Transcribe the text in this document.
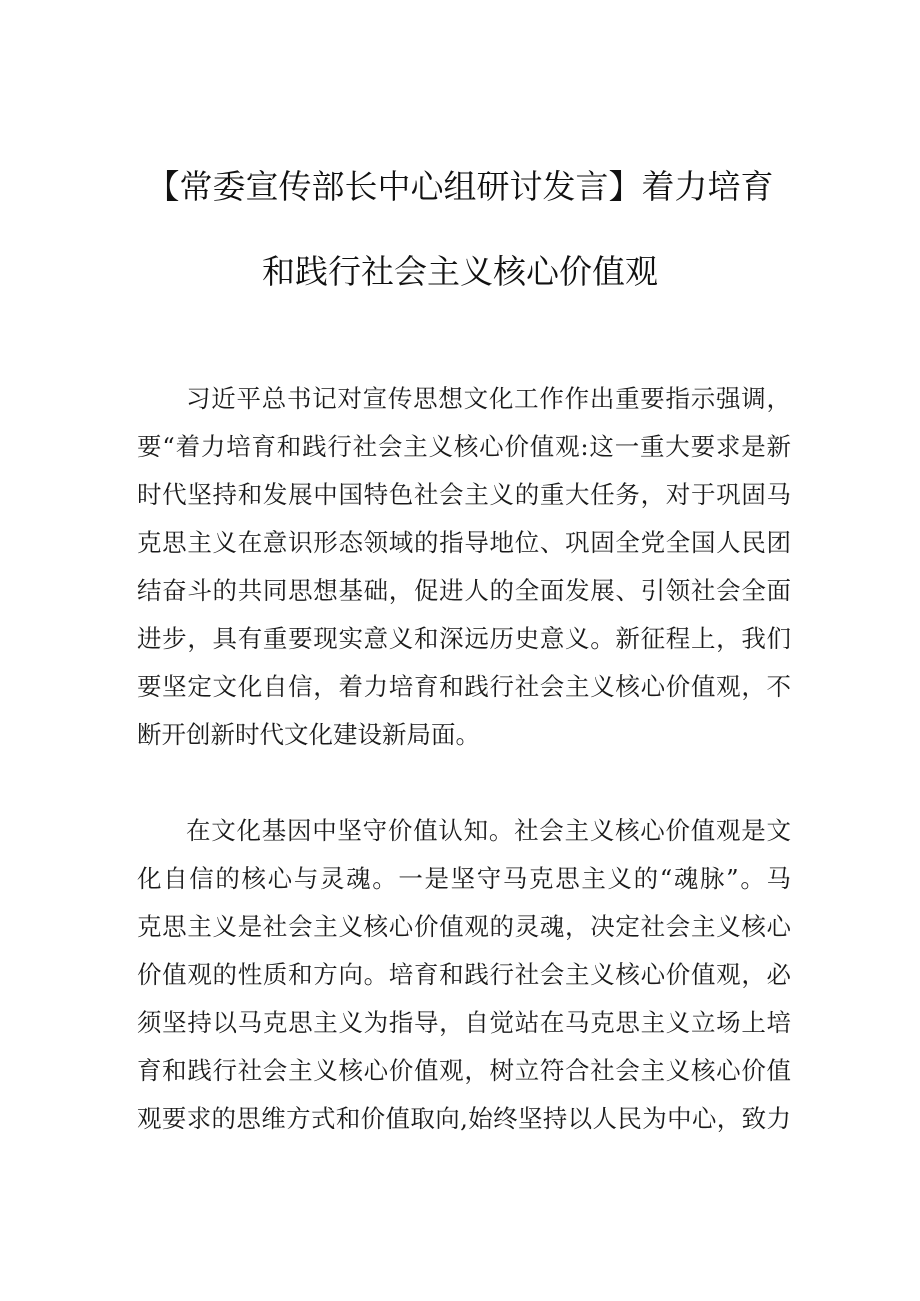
【常委宣传部长中心组研讨发言】着力培育
和践行社会主义核心价值观
习近平总书记对宣传思想文化工作作出重要指示强调，
要“着力培育和践行社会主义核心价值观:这一重大要求是新
时代坚持和发展中国特色社会主义的重大任务，对于巩固马
克思主义在意识形态领域的指导地位、巩固全党全国人民团
结奋斗的共同思想基础，促进人的全面发展、引领社会全面
进步，具有重要现实意义和深远历史意义。新征程上，我们
要坚定文化自信，着力培育和践行社会主义核心价值观，不
断开创新时代文化建设新局面。
在文化基因中坚守价值认知。社会主义核心价值观是文
化自信的核心与灵魂。一是坚守马克思主义的“魂脉”。马
克思主义是社会主义核心价值观的灵魂，决定社会主义核心
价值观的性质和方向。培育和践行社会主义核心价值观，必
须坚持以马克思主义为指导，自觉站在马克思主义立场上培
育和践行社会主义核心价值观，树立符合社会主义核心价值
观要求的思维方式和价值取向,始终坚持以人民为中心，致力
